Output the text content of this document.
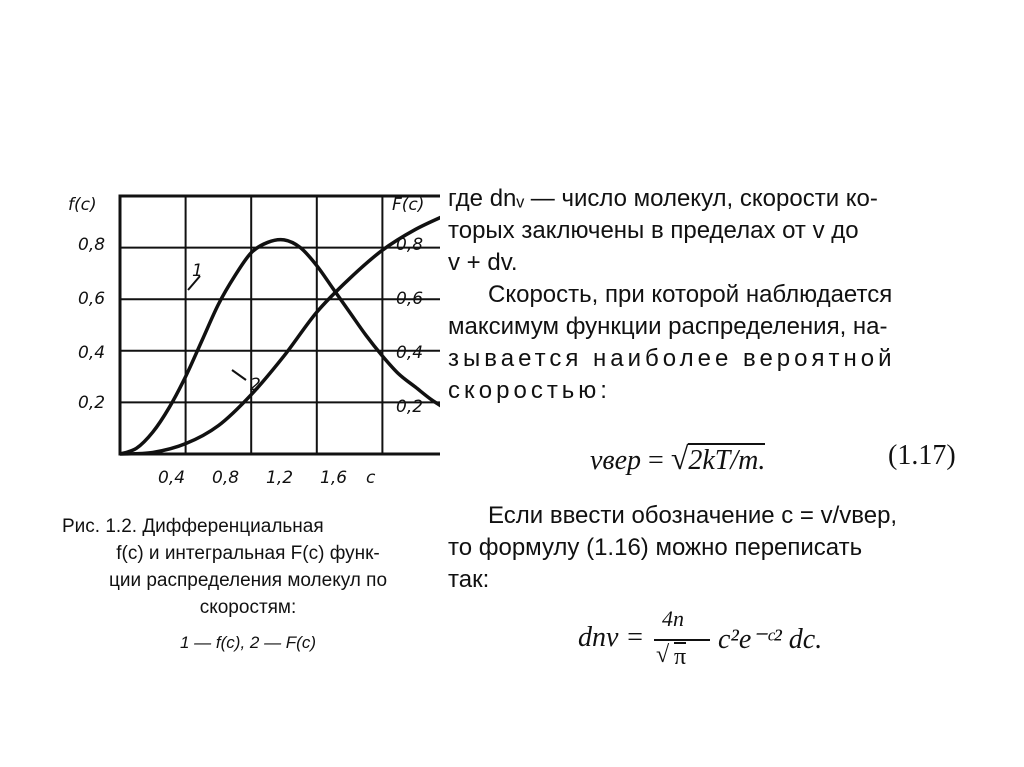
f(c)	F(c)
c
0,2
0,4
0,6
0,8
0,2
0,4
0,6
0,8
0,4 0,8 1,2 1,6
1
2
Рис. 1.2. Дифференциальная
f(c) и интегральная F(c) функ-
ции распределения молекул по
скоростям:
1 — f(c), 2 — F(c)
где dnᵥ — число молекул, скорости ко-
торых заключены в пределах от v до
v + dv.
Скорость, при которой наблюдается
максимум функции распределения, на-
зывается наиболее вероятной
скоростью:
vвер = √2kT/m.	(1.17)
Если ввести обозначение c = v/vвер,
то формулу (1.16) можно переписать
так:
dnv =
4n
√ π
c²e⁻ᶜ² dc.
